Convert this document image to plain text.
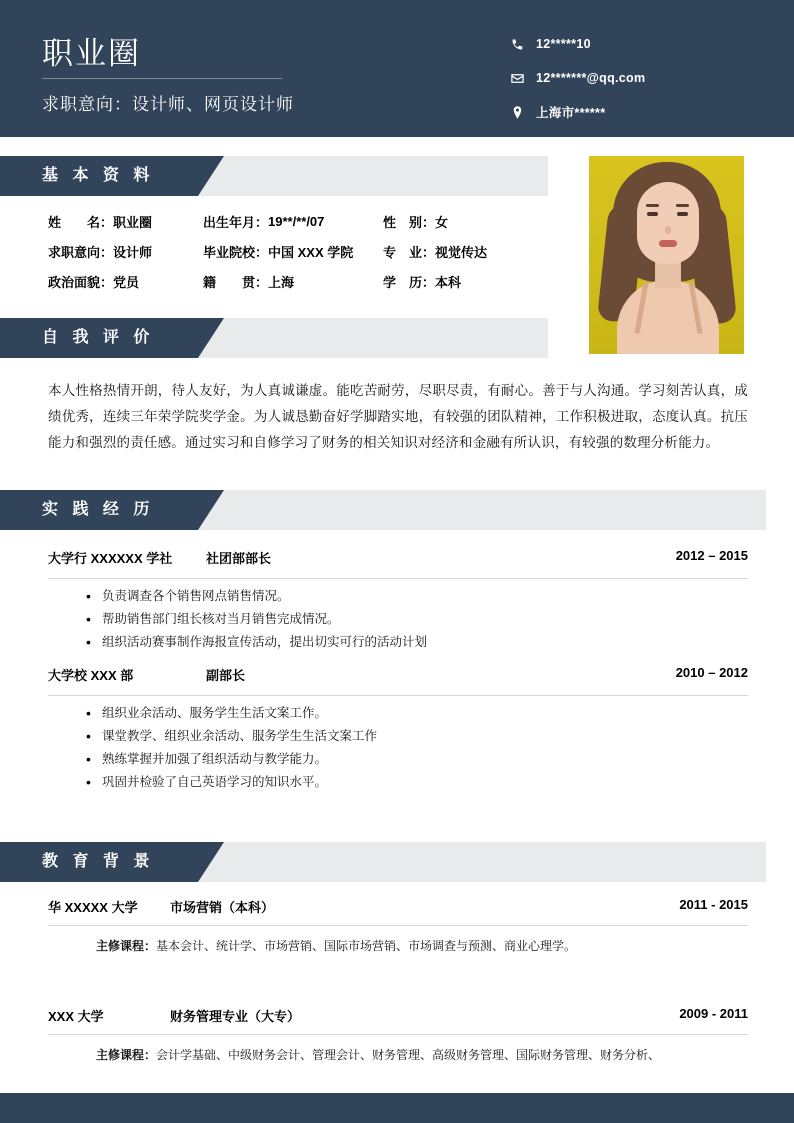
职业圈
求职意向：设计师、网页设计师
12*****10
12*******@qq.com
上海市******
基 本 资 料
姓　　名： 职业圈	出生年月： 19**/**/07	性　别： 女
求职意向： 设计师	毕业院校： 中国 XXX 学院 专　业： 视觉传达
政治面貌： 党员	籍　　贯： 上海	学　历： 本科
自 我 评 价
本人性格热情开朗，待人友好，为人真诚谦虚。能吃苦耐劳，尽职尽责，有耐心。善于与人沟通。学习刻苦认真，成绩优秀，连续三年荣学院奖学金。为人诚恳勤奋好学脚踏实地，有较强的团队精神，工作积极进取，态度认真。抗压能力和强烈的责任感。通过实习和自修学习了财务的相关知识对经济和金融有所认识，有较强的数理分析能力。
实 践 经 历
大学行 XXXXXX 学社	社团部部长	2012 – 2015
• 负责调查各个销售网点销售情况。
• 帮助销售部门组长核对当月销售完成情况。
• 组织活动赛事制作海报宣传活动，提出切实可行的活动计划
大学校 XXX 部	副部长	2010 – 2012
• 组织业余活动、服务学生生活文案工作。
• 课堂教学、组织业余活动、服务学生生活文案工作
• 熟练掌握并加强了组织活动与教学能力。
• 巩固并检验了自己英语学习的知识水平。
教 育 背 景
华 XXXXX 大学 市场营销（本科）	2011 - 2015
主修课程：基本会计、统计学、市场营销、国际市场营销、市场调查与预测、商业心理学。
XXX 大学	财务管理专业（大专）	2009 - 2011
主修课程：会计学基础、中级财务会计、管理会计、财务管理、高级财务管理、国际财务管理、财务分析、
